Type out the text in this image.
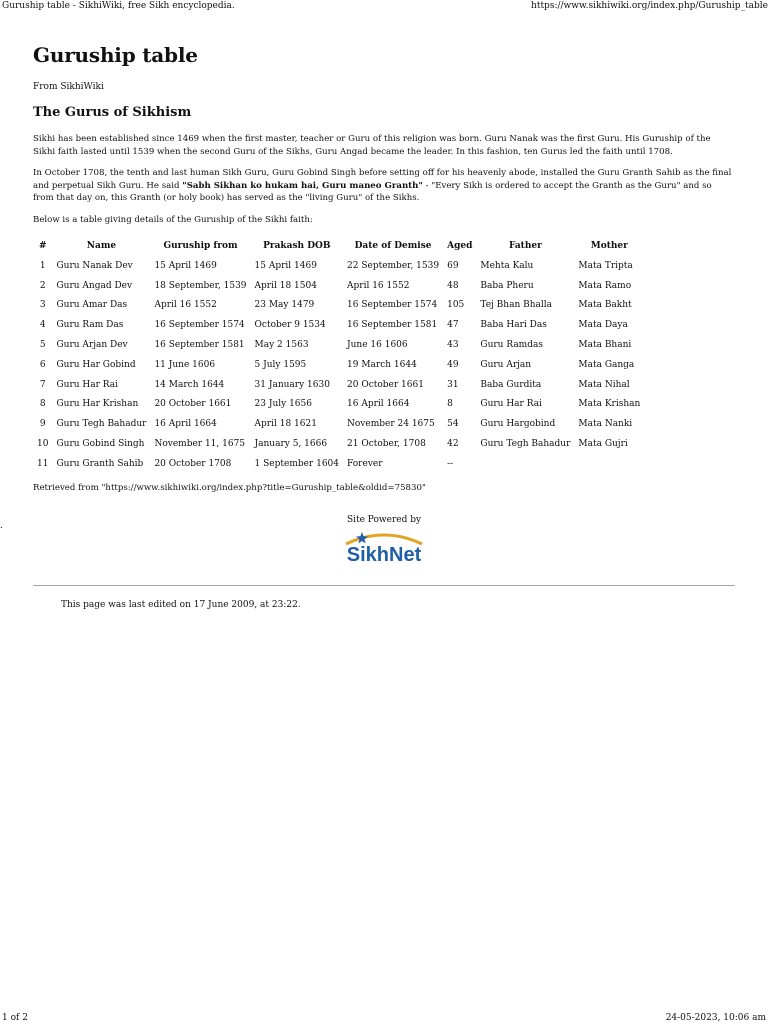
Guruship table - SikhiWiki, free Sikh encyclopedia.	https://www.sikhiwiki.org/index.php/Guruship_table
Guruship table
From SikhiWiki
The Gurus of Sikhism

Sikhi has been established since 1469 when the first master, teacher or Guru of this religion was born. Guru Nanak was the first Guru. His Guruship of the Sikhi faith lasted until 1539 when the second Guru of the Sikhs, Guru Angad became the leader. In this fashion, ten Gurus led the faith until 1708.

In October 1708, the tenth and last human Sikh Guru, Guru Gobind Singh before setting off for his heavenly abode, installed the Guru Granth Sahib as the final and perpetual Sikh Guru. He said "Sabh Sikhan ko hukam hai, Guru maneo Granth" - "Every Sikh is ordered to accept the Granth as the Guru" and so from that day on, this Granth (or holy book) has served as the "living Guru" of the Sikhs.

Below is a table giving details of the Guruship of the Sikhi faith:

#	Name	Guruship from	Prakash DOB	Date of Demise	Aged	Father	Mother
1	Guru Nanak Dev	15 April 1469	15 April 1469	22 September, 1539	69	Mehta Kalu	Mata Tripta
2	Guru Angad Dev	18 September, 1539	April 18 1504	April 16 1552	48	Baba Pheru	Mata Ramo
3	Guru Amar Das	April 16 1552	23 May 1479	16 September 1574	105	Tej Bhan Bhalla	Mata Bakht
4	Guru Ram Das	16 September 1574	October 9 1534	16 September 1581	47	Baba Hari Das	Mata Daya
5	Guru Arjan Dev	16 September 1581	May 2 1563	June 16 1606	43	Guru Ramdas	Mata Bhani
6	Guru Har Gobind	11 June 1606	5 July 1595	19 March 1644	49	Guru Arjan	Mata Ganga
7	Guru Har Rai	14 March 1644	31 January 1630	20 October 1661	31	Baba Gurdita	Mata Nihal
8	Guru Har Krishan	20 October 1661	23 July 1656	16 April 1664	8	Guru Har Rai	Mata Krishan
9	Guru Tegh Bahadur	16 April 1664	April 18 1621	November 24 1675	54	Guru Hargobind	Mata Nanki
10	Guru Gobind Singh	November 11, 1675	January 5, 1666	21 October, 1708	42	Guru Tegh Bahadur	Mata Gujri
11	Guru Granth Sahib	20 October 1708	1 September 1604	Forever	--		
Retrieved from "https://www.sikhiwiki.org/index.php?title=Guruship_table&oldid=75830"
Site Powered by
SikhNet
.
This page was last edited on 17 June 2009, at 23:22.
1 of 2	24-05-2023, 10:06 am
